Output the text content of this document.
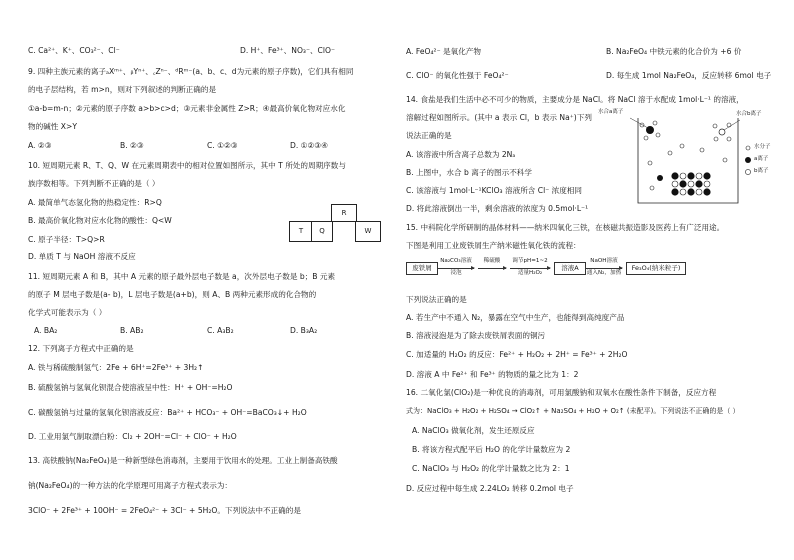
C. Ca²⁺、K⁺、CO₃²⁻、Cl⁻	D. H⁺、Fe³⁺、NO₃⁻、ClO⁻
9. 四种主族元素的离子ₐXᵐ⁺、ᵦYⁿ⁺、꜀Zⁿ⁻、ᵈRᵐ⁻(a、b、c、d为元素的原子序数)，它们具有相同
的电子层结构，若 m>n，则对下列叙述的判断正确的是
①a-b=m-n；②元素的原子序数 a>b>c>d；③元素非金属性 Z>R；④最高价氧化物对应水化
物的碱性 X>Y
A. ②③	B. ②③	C. ①②③	D. ①②③④
10. 短周期元素 R、T、Q、W 在元素周期表中的相对位置如图所示，其中 T 所处的周期序数与
族序数相等。下列判断不正确的是（ ）
A. 最简单气态氢化物的热稳定性：R>Q
B. 最高价氧化物对应水化物的酸性：Q<W
C. 原子半径：T>Q>R
D. 单质 T 与 NaOH 溶液不反应
R
T	Q	W
11. 短周期元素 A 和 B，其中 A 元素的原子最外层电子数是 a，次外层电子数是 b；B 元素
的原子 M 层电子数是(a- b)，L 层电子数是(a+b)，则 A、B 两种元素形成的化合物的
化学式可能表示为（ ）
A. BA₂	B. AB₂	C. A₃B₂	D. B₃A₂
12. 下列离子方程式中正确的是
A. 铁与稀硫酸制氢气：2Fe + 6H⁺=2Fe³⁺ + 3H₂↑
B. 硫酸氢钠与氢氧化钡混合使溶液呈中性：H⁺ + OH⁻=H₂O
C. 碳酸氢钠与过量的氢氧化钡溶液反应：Ba²⁺ + HCO₃⁻ + OH⁻=BaCO₃↓+ H₂O
D. 工业用氯气制取漂白粉：Cl₂ + 2OH⁻=Cl⁻ + ClO⁻ + H₂O
13. 高铁酸钠(Na₂FeO₄)是一种新型绿色消毒剂，主要用于饮用水的处理。工业上制备高铁酸
钠(Na₂FeO₄)的一种方法的化学原理可用离子方程式表示为：
3ClO⁻ + 2Fe³⁺ + 10OH⁻ = 2FeO₄²⁻ + 3Cl⁻ + 5H₂O。下列说法中不正确的是
A. FeO₄²⁻ 是氧化产物	B. Na₂FeO₄ 中铁元素的化合价为 +6 价
C. ClO⁻ 的氧化性强于 FeO₄²⁻	D. 每生成 1mol Na₂FeO₄，反应转移 6mol 电子
14. 食盐是我们生活中必不可少的物质，主要成分是 NaCl。将 NaCl 溶于水配成 1mol·L⁻¹ 的溶液，
溶解过程如图所示。(其中 a 表示 Cl，b 表示 Na⁺)下列
说法正确的是
A. 该溶液中所含离子总数为 2Nₐ
B. 上图中，水合 b 离子的图示不科学
C. 该溶液与 1mol·L⁻¹KClO₃ 溶液所含 Cl⁻ 浓度相同
D. 将此溶液倒出一半，剩余溶液的浓度为 0.5mol·L⁻¹
水合a离子	水合b离子
水分子
a离子
b离子
15. 中科院化学所研制的晶体材料——纳米四氧化三铁，在核磁共振造影及医药上有广泛用途。
下图是利用工业废铁屑生产纳米磁性氧化铁的流程：
废铁屑
Na₂CO₃溶液
浸泡
稀硫酸	调节pH=1~2
适量H₂O₂
溶液A
NaOH溶液
通入N₂，加热
Fe₃O₄(纳米粒子)
下列说法正确的是
A. 若生产中不通入 N₂，暴露在空气中生产，也能得到高纯度产品
B. 溶液浸泡是为了除去废铁屑表面的铜污
C. 加适量的 H₂O₂ 的反应：Fe²⁺ + H₂O₂ + 2H⁺ = Fe³⁺ + 2H₂O
D. 溶液 A 中 Fe²⁺ 和 Fe³⁺ 的物质的量之比为 1：2
16. 二氧化氯(ClO₂)是一种优良的消毒剂，可用氯酸钠和双氧水在酸性条件下制备，反应方程
式为：NaClO₃ + H₂O₂ + H₂SO₄ → ClO₂↑ + Na₂SO₄ + H₂O + O₂↑ (未配平)。下列说法不正确的是（ ）
A. NaClO₃ 做氧化剂，发生还原反应
B. 将该方程式配平后 H₂O 的化学计量数应为 2
C. NaClO₃ 与 H₂O₂ 的化学计量数之比为 2：1
D. 反应过程中每生成 2.24LO₂ 转移 0.2mol 电子
